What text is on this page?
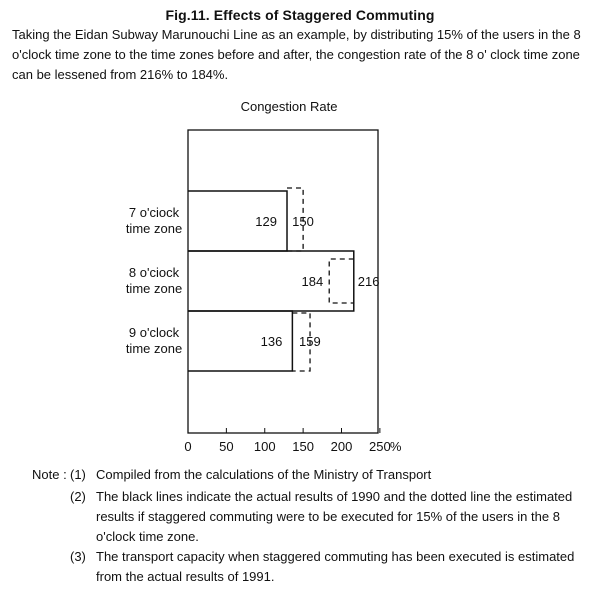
Fig.11. Effects of Staggered Commuting
Taking the Eidan Subway Marunouchi Line as an example, by distributing 15% of the users in the 8 o'clock time zone to the time zones before and after, the congestion rate of the 8 o' clock time zone can be lessened from 216% to 184%.
Congestion Rate
0 50 100 150 200 250 %
7 o'ciock
time zone	129 150
8 o'ciock
time zone	184	216
9 o'clock
time zone	136 159
Note : (1) Compiled from the calculations of the Ministry of Transport
(2) The black lines indicate the actual results of 1990 and the dotted line the estimated results if staggered commuting were to be executed for 15% of the users in the 8 o'clock time zone.
(3) The transport capacity when staggered commuting has been executed is estimated from the actual results of 1991.
